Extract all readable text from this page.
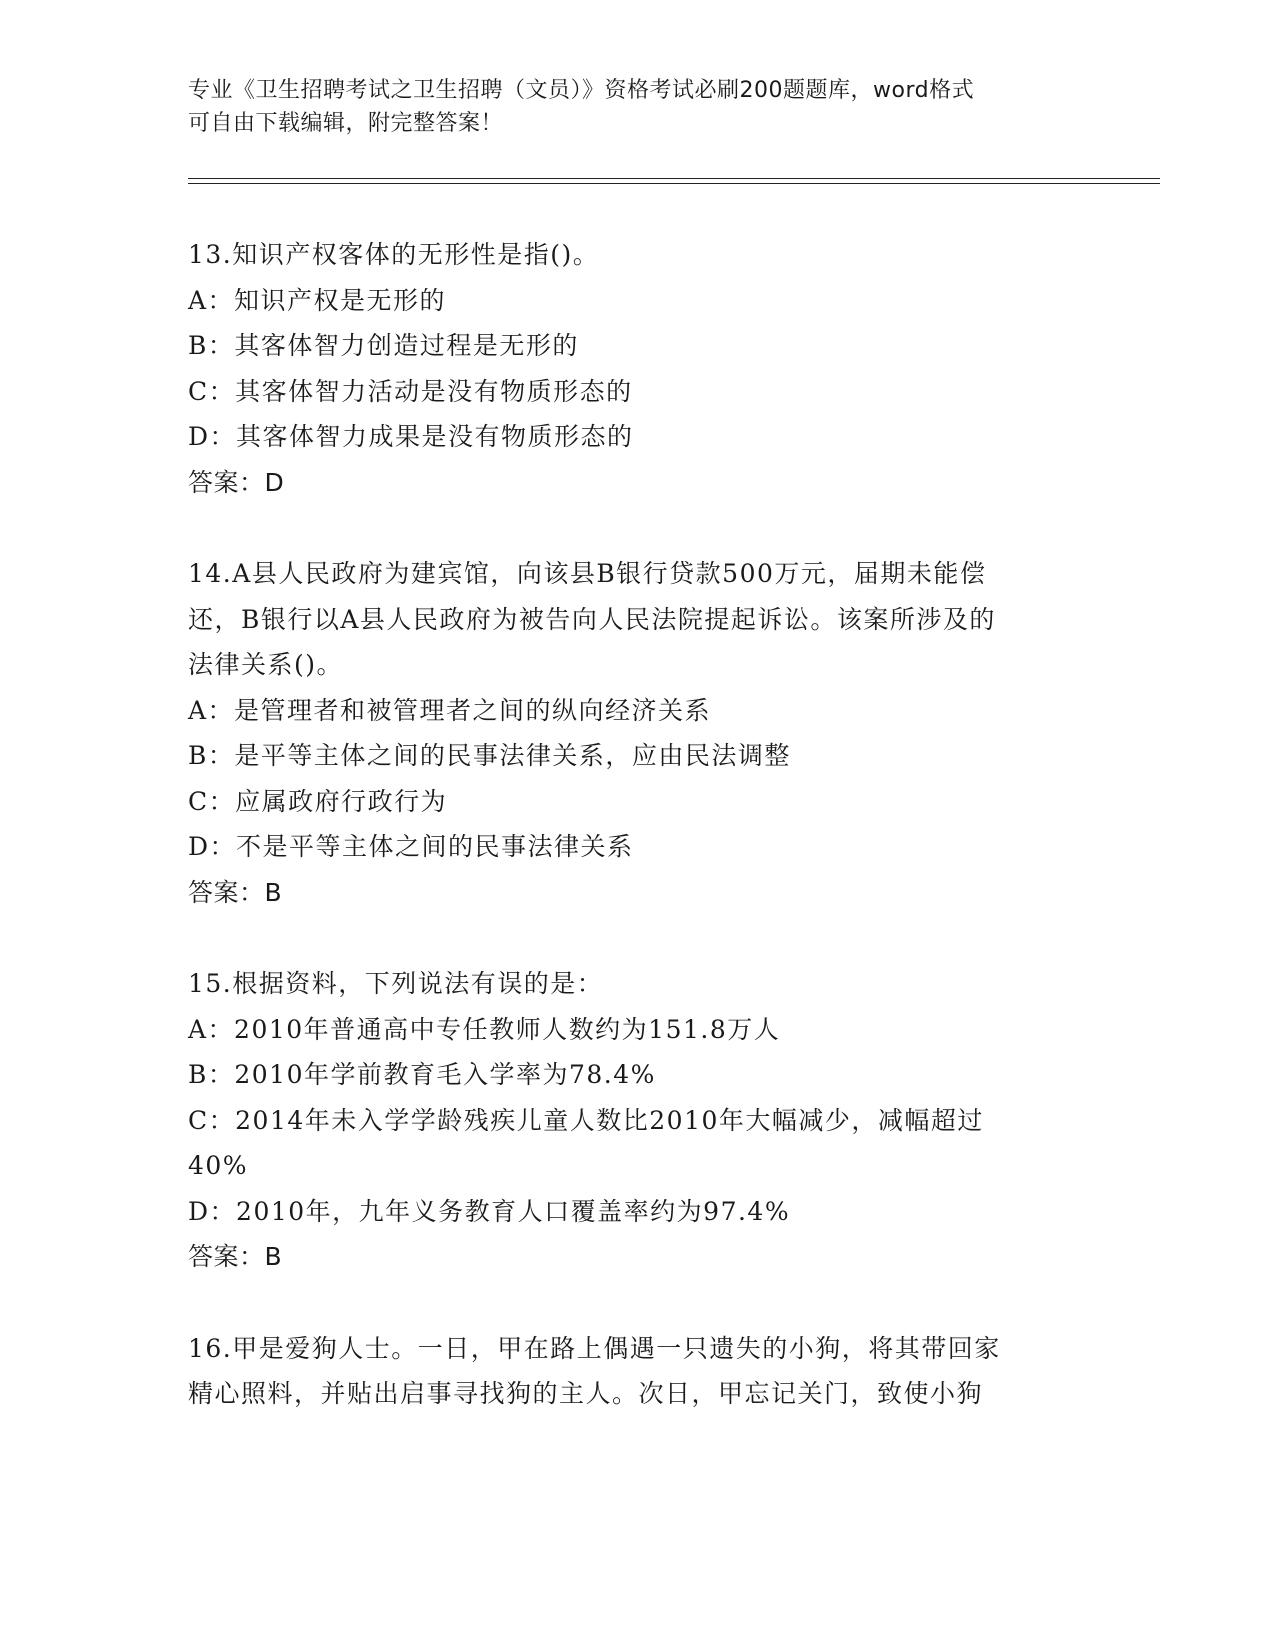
专业《卫生招聘考试之卫生招聘（文员）》资格考试必刷200题题库，word格式
可自由下载编辑，附完整答案！
13.知识产权客体的无形性是指()。
A：知识产权是无形的
B：其客体智力创造过程是无形的
C：其客体智力活动是没有物质形态的
D：其客体智力成果是没有物质形态的
答案：D
14.A县人民政府为建宾馆，向该县B银行贷款500万元，届期未能偿
还，B银行以A县人民政府为被告向人民法院提起诉讼。该案所涉及的
法律关系()。
A：是管理者和被管理者之间的纵向经济关系
B：是平等主体之间的民事法律关系，应由民法调整
C：应属政府行政行为
D：不是平等主体之间的民事法律关系
答案：B
15.根据资料，下列说法有误的是：
A：2010年普通高中专任教师人数约为151.8万人
B：2010年学前教育毛入学率为78.4%
C：2014年未入学学龄残疾儿童人数比2010年大幅减少，减幅超过
40%
D：2010年，九年义务教育人口覆盖率约为97.4%
答案：B
16.甲是爱狗人士。一日，甲在路上偶遇一只遗失的小狗，将其带回家
精心照料，并贴出启事寻找狗的主人。次日，甲忘记关门，致使小狗
